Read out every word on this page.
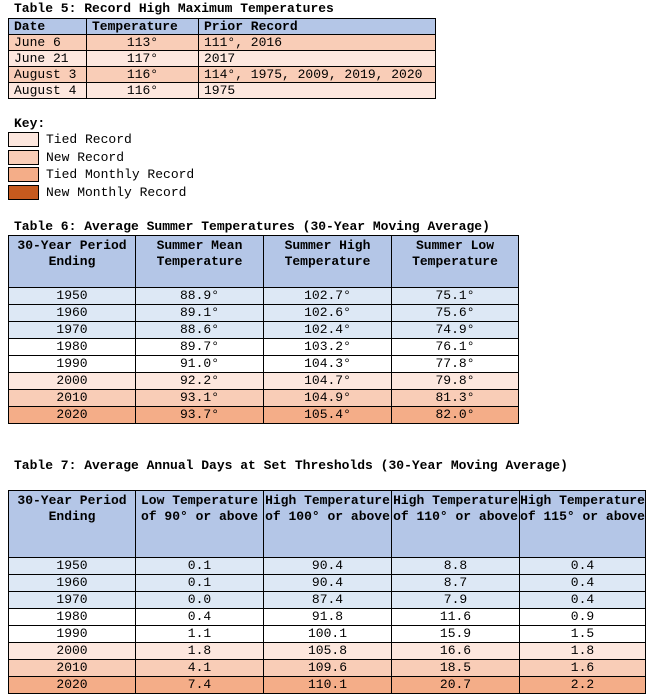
Table 5: Record High Maximum Temperatures
Date	Temperature	Prior Record
June 6	113°	111°, 2016
June 21	117°	2017
August 3	116°	114°, 1975, 2009, 2019, 2020
August 4	116°	1975
Key:
Tied Record
New Record
Tied Monthly Record
New Monthly Record
Table 6: Average Summer Temperatures (30-Year Moving Average)
30-Year Period Ending	Summer Mean Temperature	Summer High Temperature	Summer Low Temperature
1950	88.9°	102.7°	75.1°
1960	89.1°	102.6°	75.6°
1970	88.6°	102.4°	74.9°
1980	89.7°	103.2°	76.1°
1990	91.0°	104.3°	77.8°
2000	92.2°	104.7°	79.8°
2010	93.1°	104.9°	81.3°
2020	93.7°	105.4°	82.0°
Table 7: Average Annual Days at Set Thresholds (30-Year Moving Average)
30-Year Period Ending	Low Temperature of 90° or above	High Temperature of 100° or above	High Temperature of 110° or above	High Temperature of 115° or above
1950	0.1	90.4	8.8	0.4
1960	0.1	90.4	8.7	0.4
1970	0.0	87.4	7.9	0.4
1980	0.4	91.8	11.6	0.9
1990	1.1	100.1	15.9	1.5
2000	1.8	105.8	16.6	1.8
2010	4.1	109.6	18.5	1.6
2020	7.4	110.1	20.7	2.2
